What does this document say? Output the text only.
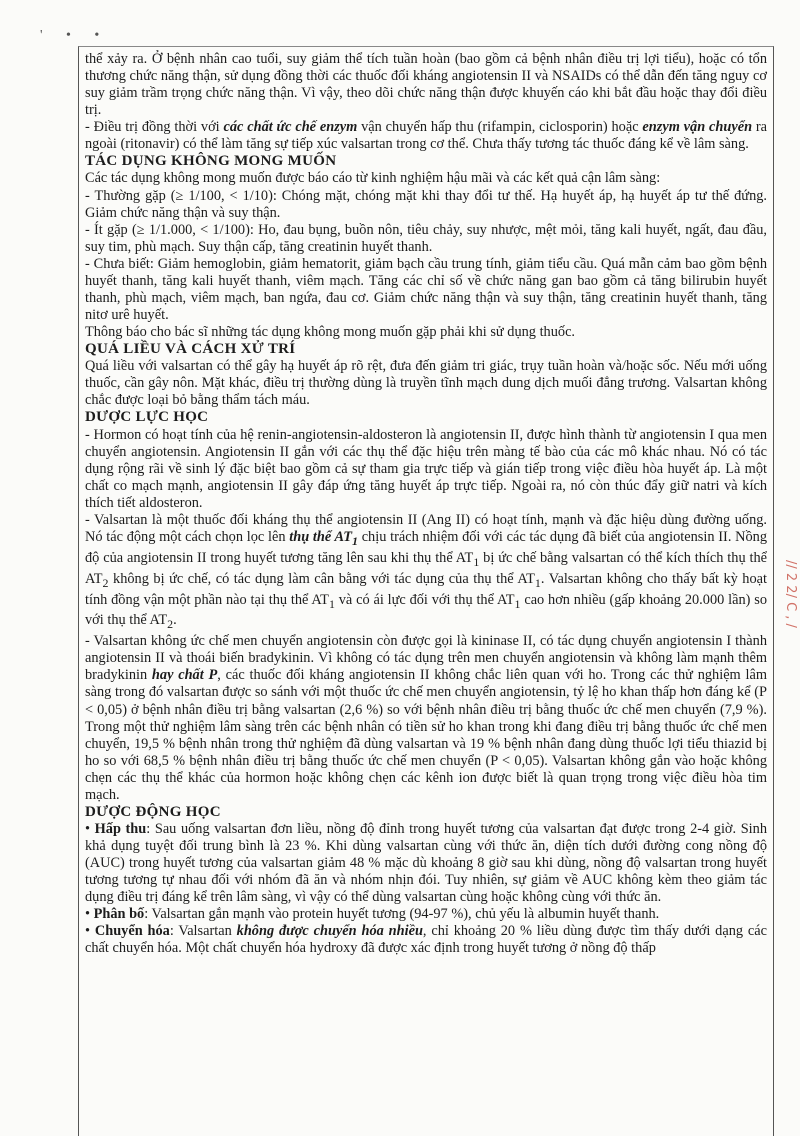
' • •

thể xảy ra. Ở bệnh nhân cao tuổi, suy giảm thể tích tuần hoàn (bao gồm cả bệnh nhân điều trị lợi tiểu), hoặc có tổn thương chức năng thận, sử dụng đồng thời các thuốc đối kháng angiotensin II và NSAIDs có thể dẫn đến tăng nguy cơ suy giảm trầm trọng chức năng thận. Vì vậy, theo dõi chức năng thận được khuyến cáo khi bắt đầu hoặc thay đổi điều trị.

- Điều trị đồng thời với các chất ức chế enzym vận chuyển hấp thu (rifampin, ciclosporin) hoặc enzym vận chuyển ra ngoài (ritonavir) có thể làm tăng sự tiếp xúc valsartan trong cơ thể. Chưa thấy tương tác thuốc đáng kể về lâm sàng.

TÁC DỤNG KHÔNG MONG MUỐN

Các tác dụng không mong muốn được báo cáo từ kinh nghiệm hậu mãi và các kết quả cận lâm sàng:

- Thường gặp (≥ 1/100, < 1/10): Chóng mặt, chóng mặt khi thay đổi tư thế. Hạ huyết áp, hạ huyết áp tư thế đứng. Giảm chức năng thận và suy thận.

- Ít gặp (≥ 1/1.000, < 1/100): Ho, đau bụng, buồn nôn, tiêu chảy, suy nhược, mệt mỏi, tăng kali huyết, ngất, đau đầu, suy tim, phù mạch. Suy thận cấp, tăng creatinin huyết thanh.

- Chưa biết: Giảm hemoglobin, giảm hematorit, giảm bạch cầu trung tính, giảm tiểu cầu. Quá mẫn cảm bao gồm bệnh huyết thanh, tăng kali huyết thanh, viêm mạch. Tăng các chỉ số về chức năng gan bao gồm cả tăng bilirubin huyết thanh, phù mạch, viêm mạch, ban ngứa, đau cơ. Giảm chức năng thận và suy thận, tăng creatinin huyết thanh, tăng nitơ urê huyết.

Thông báo cho bác sĩ những tác dụng không mong muốn gặp phải khi sử dụng thuốc.

QUÁ LIỀU VÀ CÁCH XỬ TRÍ

Quá liều với valsartan có thể gây hạ huyết áp rõ rệt, đưa đến giảm tri giác, trụy tuần hoàn và/hoặc sốc. Nếu mới uống thuốc, cần gây nôn. Mặt khác, điều trị thường dùng là truyền tĩnh mạch dung dịch muối đẳng trương. Valsartan không chắc được loại bỏ bằng thẩm tách máu.

DƯỢC LỰC HỌC

- Hormon có hoạt tính của hệ renin-angiotensin-aldosteron là angiotensin II, được hình thành từ angiotensin I qua men chuyển angiotensin. Angiotensin II gắn với các thụ thể đặc hiệu trên màng tế bào của các mô khác nhau. Nó có tác dụng rộng rãi về sinh lý đặc biệt bao gồm cả sự tham gia trực tiếp và gián tiếp trong việc điều hòa huyết áp. Là một chất co mạch mạnh, angiotensin II gây đáp ứng tăng huyết áp trực tiếp. Ngoài ra, nó còn thúc đẩy giữ natri và kích thích tiết aldosteron.

- Valsartan là một thuốc đối kháng thụ thể angiotensin II (Ang II) có hoạt tính, mạnh và đặc hiệu dùng đường uống. Nó tác động một cách chọn lọc lên thụ thể $AT_1$ chịu trách nhiệm đối với các tác dụng đã biết của angiotensin II. Nồng độ của angiotensin II trong huyết tương tăng lên sau khi thụ thể $AT_1$ bị ức chế bằng valsartan có thể kích thích thụ thể $AT_2$ không bị ức chế, có tác dụng làm cân bằng với tác dụng của thụ thể $AT_1$. Valsartan không cho thấy bất kỳ hoạt tính đồng vận một phần nào tại thụ thể $AT_1$ và có ái lực đối với thụ thể $AT_1$ cao hơn nhiều (gấp khoảng 20.000 lần) so với thụ thể $AT_2$.

- Valsartan không ức chế men chuyển angiotensin còn được gọi là kininase II, có tác dụng chuyển angiotensin I thành angiotensin II và thoái biến bradykinin. Vì không có tác dụng trên men chuyển angiotensin và không làm mạnh thêm bradykinin hay chất P, các thuốc đối kháng angiotensin II không chắc liên quan với ho. Trong các thử nghiệm lâm sàng trong đó valsartan được so sánh với một thuốc ức chế men chuyển angiotensin, tỷ lệ ho khan thấp hơn đáng kể (P < 0,05) ở bệnh nhân điều trị bằng valsartan (2,6 %) so với bệnh nhân điều trị bằng thuốc ức chế men chuyển (7,9 %). Trong một thử nghiệm lâm sàng trên các bệnh nhân có tiền sử ho khan trong khi đang điều trị bằng thuốc ức chế men chuyển, 19,5 % bệnh nhân trong thử nghiệm đã dùng valsartan và 19 % bệnh nhân đang dùng thuốc lợi tiểu thiazid bị ho so với 68,5 % bệnh nhân điều trị bằng thuốc ức chế men chuyển (P < 0,05). Valsartan không gắn vào hoặc không chẹn các thụ thể khác của hormon hoặc không chẹn các kênh ion được biết là quan trọng trong việc điều hòa tim mạch.

DƯỢC ĐỘNG HỌC

• Hấp thu: Sau uống valsartan đơn liều, nồng độ đỉnh trong huyết tương của valsartan đạt được trong 2-4 giờ. Sinh khả dụng tuyệt đối trung bình là 23 %. Khi dùng valsartan cùng với thức ăn, diện tích dưới đường cong nồng độ (AUC) trong huyết tương của valsartan giảm 48 % mặc dù khoảng 8 giờ sau khi dùng, nồng độ valsartan trong huyết tương tương tự nhau đối với nhóm đã ăn và nhóm nhịn đói. Tuy nhiên, sự giảm về AUC không kèm theo giảm tác dụng điều trị đáng kể trên lâm sàng, vì vậy có thể dùng valsartan cùng hoặc không cùng với thức ăn.

• Phân bố: Valsartan gắn mạnh vào protein huyết tương (94-97 %), chủ yếu là albumin huyết thanh.

• Chuyển hóa: Valsartan không được chuyển hóa nhiều, chỉ khoảng 20 % liều dùng được tìm thấy dưới dạng các chất chuyển hóa. Một chất chuyển hóa hydroxy đã được xác định trong huyết tương ở nồng độ thấp

// 2 2/ C , /
